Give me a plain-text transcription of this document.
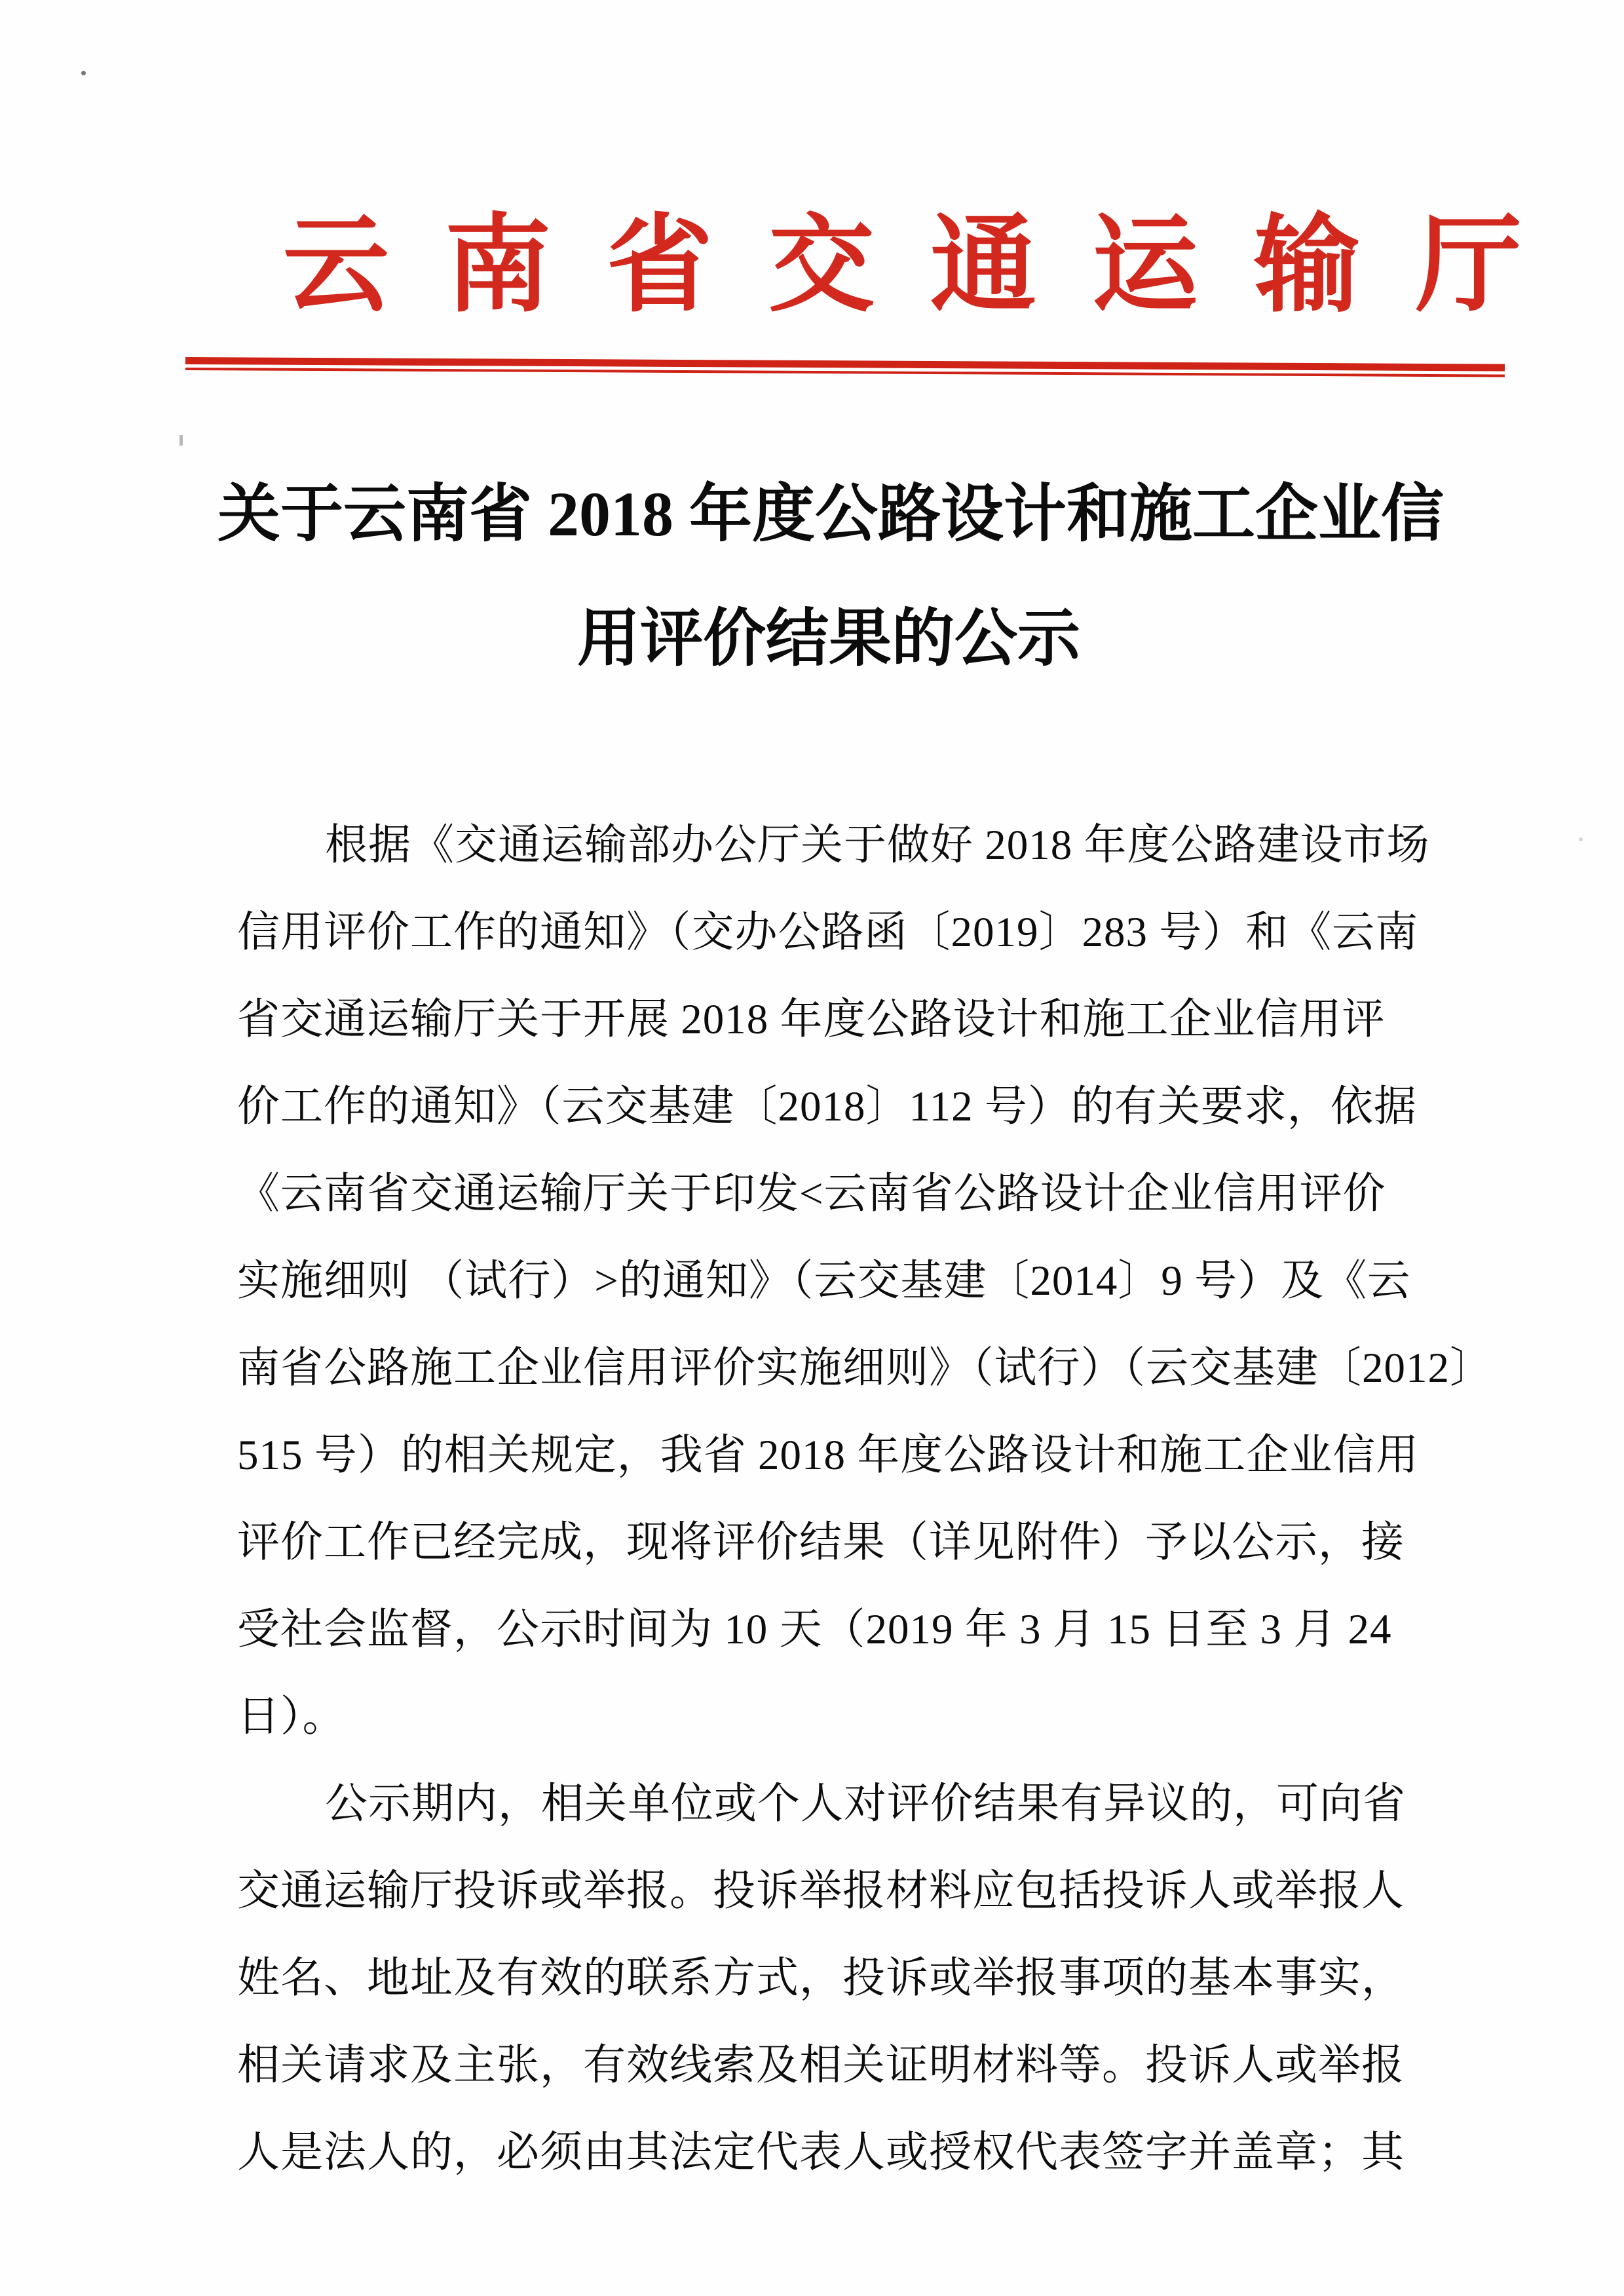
云南省交通运输厅
关于云南省 2018 年度公路设计和施工企业信
用评价结果的公示
根据《交通运输部办公厅关于做好 2018 年度公路建设市场
信用评价工作的通知》（交办公路函〔2019〕283 号）和《云南
省交通运输厅关于开展 2018 年度公路设计和施工企业信用评
价工作的通知》（云交基建〔2018〕112 号）的有关要求，依据
《云南省交通运输厅关于印发<云南省公路设计企业信用评价
实施细则 （试行）>的通知》（云交基建〔2014〕9 号）及《云
南省公路施工企业信用评价实施细则》（试行）（云交基建〔2012〕
515 号）的相关规定，我省 2018 年度公路设计和施工企业信用
评价工作已经完成，现将评价结果（详见附件）予以公示，接
受社会监督，公示时间为 10 天（2019 年 3 月 15 日至 3 月 24
日）。
公示期内，相关单位或个人对评价结果有异议的，可向省
交通运输厅投诉或举报。投诉举报材料应包括投诉人或举报人
姓名、地址及有效的联系方式，投诉或举报事项的基本事实，
相关请求及主张，有效线索及相关证明材料等。投诉人或举报
人是法人的，必须由其法定代表人或授权代表签字并盖章；其
